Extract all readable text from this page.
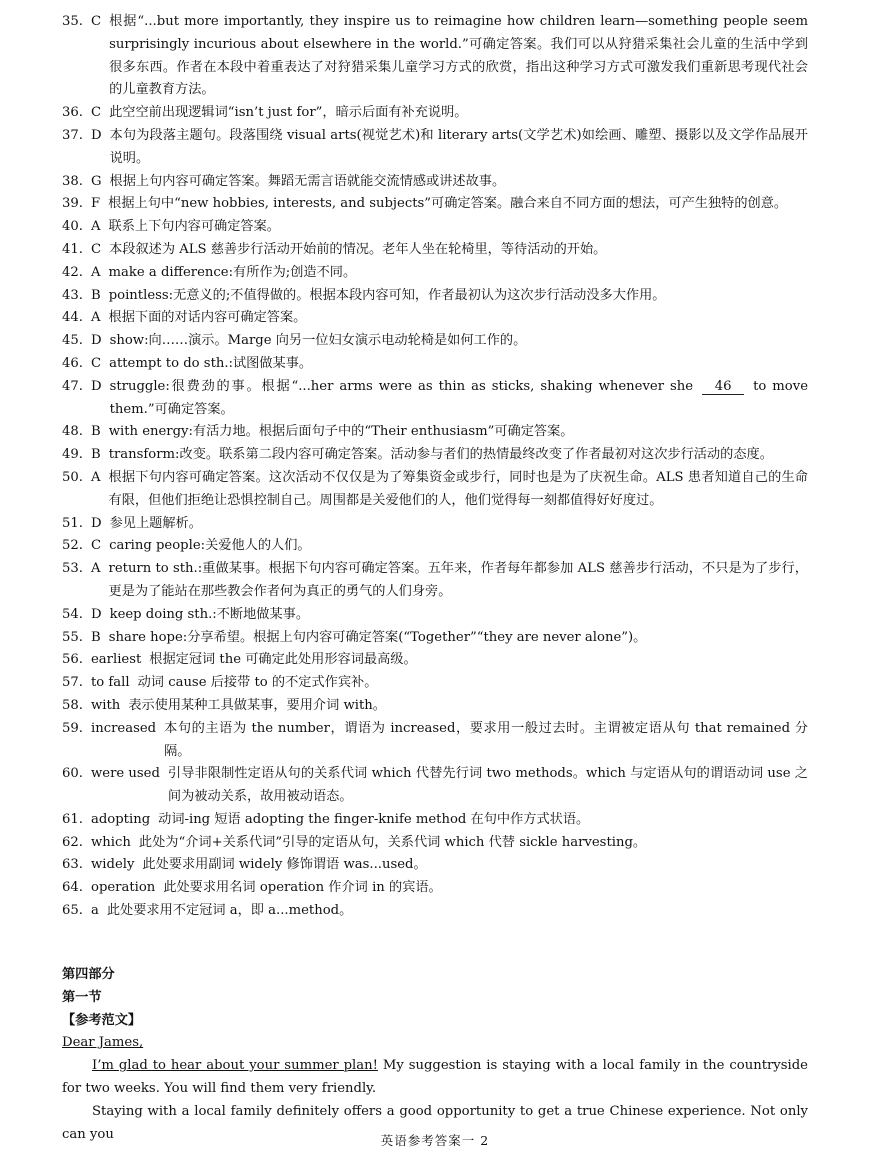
35. C 根据“...but more importantly, they inspire us to reimagine how children learn—something people seem surprisingly incurious about elsewhere in the world.”可确定答案。我们可以从狩猎采集社会儿童的生活中学到很多东西。作者在本段中着重表达了对狩猎采集儿童学习方式的欣赏，指出这种学习方式可激发我们重新思考现代社会的儿童教育方法。
36. C 此空空前出现逻辑词“isn’t just for”，暗示后面有补充说明。
37. D 本句为段落主题句。段落围绕 visual arts(视觉艺术)和 literary arts(文学艺术)如绘画、雕塑、摄影以及文学作品展开说明。
38. G 根据上句内容可确定答案。舞蹈无需言语就能交流情感或讲述故事。
39. F 根据上句中“new hobbies, interests, and subjects”可确定答案。融合来自不同方面的想法，可产生独特的创意。
40. A 联系上下句内容可确定答案。
41. C 本段叙述为 ALS 慈善步行活动开始前的情况。老年人坐在轮椅里，等待活动的开始。
42. A make a difference:有所作为;创造不同。
43. B pointless:无意义的;不值得做的。根据本段内容可知，作者最初认为这次步行活动没多大作用。
44. A 根据下面的对话内容可确定答案。
45. D show:向……演示。Marge 向另一位妇女演示电动轮椅是如何工作的。
46. C attempt to do sth.:试图做某事。
47. D struggle:很费劲的事。根据“...her arms were as thin as sticks, shaking whenever she 46 to move them.”可确定答案。
48. B with energy:有活力地。根据后面句子中的“Their enthusiasm”可确定答案。
49. B transform:改变。联系第二段内容可确定答案。活动参与者们的热情最终改变了作者最初对这次步行活动的态度。
50. A 根据下句内容可确定答案。这次活动不仅仅是为了筹集资金或步行，同时也是为了庆祝生命。ALS 患者知道自己的生命有限，但他们拒绝让恐惧控制自己。周围都是关爱他们的人，他们觉得每一刻都值得好好度过。
51. D 参见上题解析。
52. C caring people:关爱他人的人们。
53. A return to sth.:重做某事。根据下句内容可确定答案。五年来，作者每年都参加 ALS 慈善步行活动，不只是为了步行，更是为了能站在那些教会作者何为真正的勇气的人们身旁。
54. D keep doing sth.:不断地做某事。
55. B share hope:分享希望。根据上句内容可确定答案(“Together”“they are never alone”)。
56. earliest 根据定冠词 the 可确定此处用形容词最高级。
57. to fall 动词 cause 后接带 to 的不定式作宾补。
58. with 表示使用某种工具做某事，要用介词 with。
59. increased 本句的主语为 the number，谓语为 increased，要求用一般过去时。主谓被定语从句 that remained 分隔。
60. were used 引导非限制性定语从句的关系代词 which 代替先行词 two methods。which 与定语从句的谓语动词 use 之间为被动关系，故用被动语态。
61. adopting 动词-ing 短语 adopting the finger-knife method 在句中作方式状语。
62. which 此处为“介词+关系代词”引导的定语从句，关系代词 which 代替 sickle harvesting。
63. widely 此处要求用副词 widely 修饰谓语 was...used。
64. operation 此处要求用名词 operation 作介词 in 的宾语。
65. a 此处要求用不定冠词 a，即 a...method。
第四部分
第一节
【参考范文】

Dear James,

I’m glad to hear about your summer plan! My suggestion is staying with a local family in the countryside for two weeks. You will find them very friendly.

Staying with a local family definitely offers a good opportunity to get a true Chinese experience. Not only can you	英语参考答案一 2
